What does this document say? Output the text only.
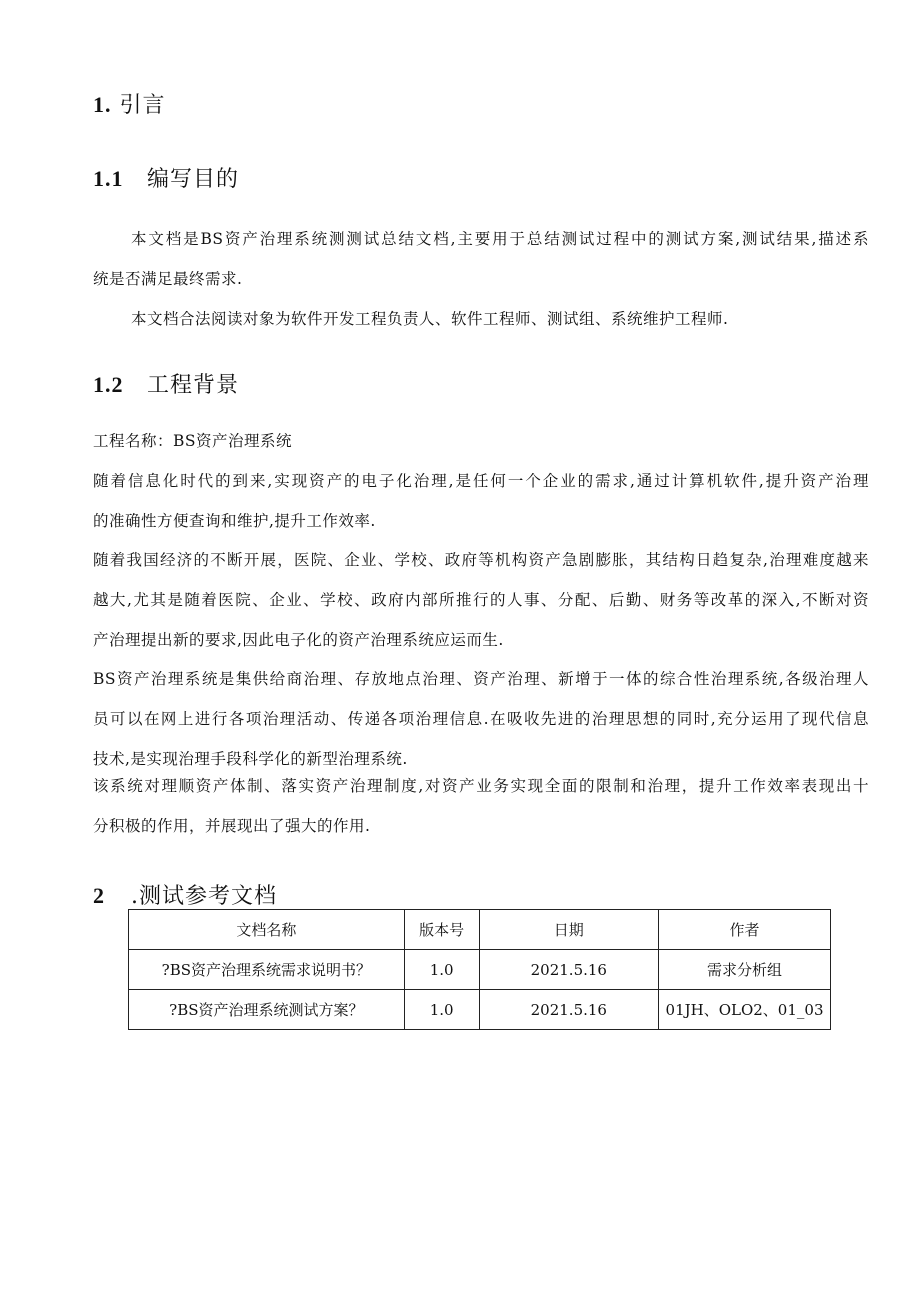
1. 引言
1.1 编写目的
本文档是BS资产治理系统测测试总结文档,主要用于总结测试过程中的测试方案,测试结果,描述系
统是否满足最终需求.
本文档合法阅读对象为软件开发工程负责人、软件工程师、测试组、系统维护工程师.
1.2 工程背景
工程名称：BS资产治理系统
随着信息化时代的到来,实现资产的电子化治理,是任何一个企业的需求,通过计算机软件,提升资产治理
的准确性方便查询和维护,提升工作效率.
随着我国经济的不断开展，医院、企业、学校、政府等机构资产急剧膨胀，其结构日趋复杂,治理难度越来
越大,尤其是随着医院、企业、学校、政府内部所推行的人事、分配、后勤、财务等改革的深入,不断对资
产治理提出新的要求,因此电子化的资产治理系统应运而生.
BS资产治理系统是集供给商治理、存放地点治理、资产治理、新增于一体的综合性治理系统,各级治理人
员可以在网上进行各项治理活动、传递各项治理信息.在吸收先进的治理思想的同时,充分运用了现代信息
技术,是实现治理手段科学化的新型治理系统.
该系统对理顺资产体制、落实资产治理制度,对资产业务实现全面的限制和治理，提升工作效率表现出十
分积极的作用，并展现出了强大的作用.
2 .测试参考文档
文档名称	版本号	日期	作者
?BS资产治理系统需求说明书？	1.0	2021.5.16	需求分析组
?BS资产治理系统测试方案？	1.0	2021.5.16	01JH、OLO2、01_03
